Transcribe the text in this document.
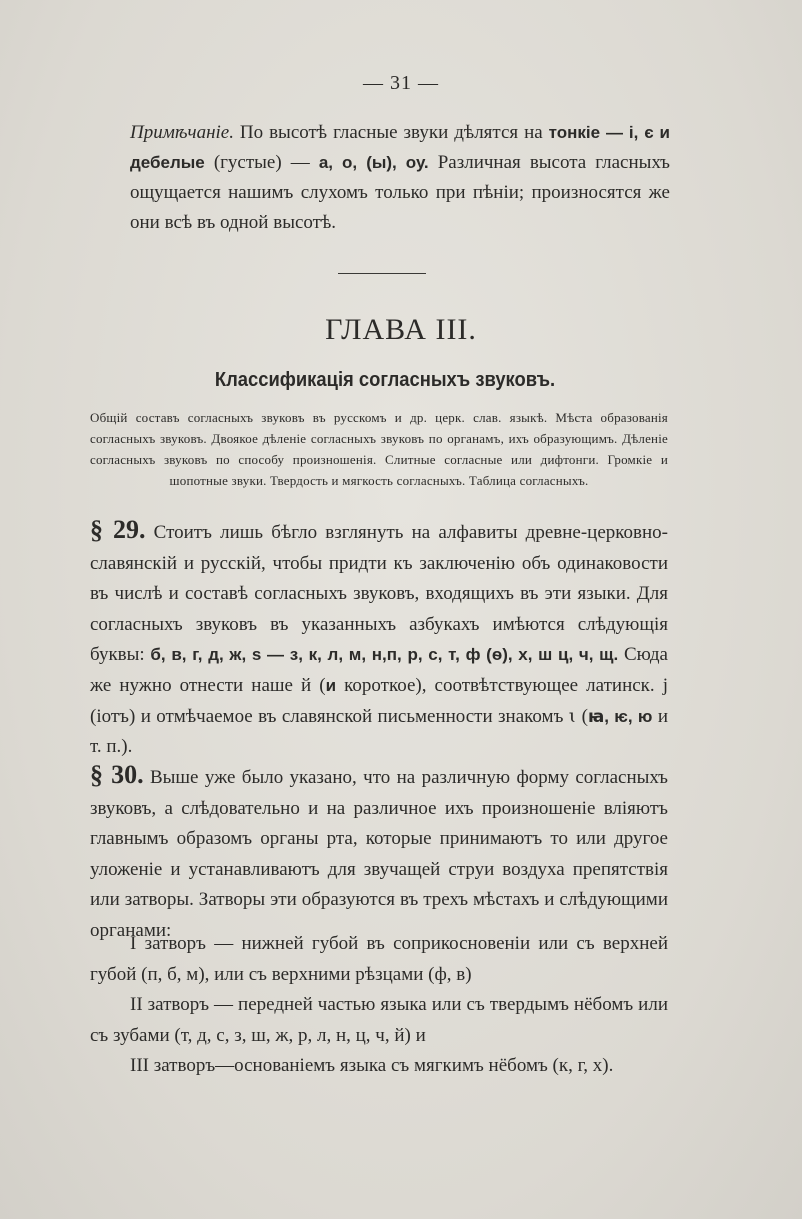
— 31 —
Примѣчаніе. По высотѣ гласные звуки дѣлятся на тонкіе — і, є и дебелые (густые) — а, о, (ы), оу. Различная высота гласныхъ ощущается нашимъ слухомъ только при пѣніи; произносятся же они всѣ въ одной высотѣ.
ГЛАВА III.
Классификація согласныхъ звуковъ.
Общій составъ согласныхъ звуковъ въ русскомъ и др. церк. слав. языкѣ. Мѣста образованія согласныхъ звуковъ. Двоякое дѣленіе согласныхъ звуковъ по органамъ, ихъ образующимъ. Дѣленіе согласныхъ звуковъ по способу произношенія. Слитные согласные или дифтонги. Громкіе и шопотные звуки. Твердость и мягкость согласныхъ. Таблица согласныхъ.
§ 29. Стоитъ лишь бѣгло взглянуть на алфавиты древне-церковно-славянскій и русскій, чтобы придти къ заключенію объ одинаковости въ числѣ и составѣ согласныхъ звуковъ, входящихъ въ эти языки. Для согласныхъ звуковъ въ указанныхъ азбукахъ имѣются слѣдующія буквы: б, в, г, д, ж, ѕ — з, к, л, м, н,п, р, с, т, ф (ѳ), х, ш ц, ч, щ. Сюда же нужно отнести наше й (и короткое), соотвѣтствующее латинск. j (іотъ) и отмѣчаемое въ славянской письменности знакомъ ꙇ (ꙗ, ѥ, ю и т. п.).
§ 30. Выше уже было указано, что на различную форму согласныхъ звуковъ, а слѣдовательно и на различное ихъ произношеніе вліяютъ главнымъ образомъ органы рта, которые принимаютъ то или другое уложеніе и устанавливаютъ для звучащей струи воздуха препятствія или затворы. Затворы эти образуются въ трехъ мѣстахъ и слѣдующими органами:
I затворъ — нижней губой въ соприкосновеніи или съ верхней губой (п, б, м), или съ верхними рѣзцами (ф, в)
II затворъ — передней частью языка или съ твердымъ нёбомъ или съ зубами (т, д, с, з, ш, ж, р, л, н, ц, ч, й) и
III затворъ—основаніемъ языка съ мягкимъ нёбомъ (к, г, х).
